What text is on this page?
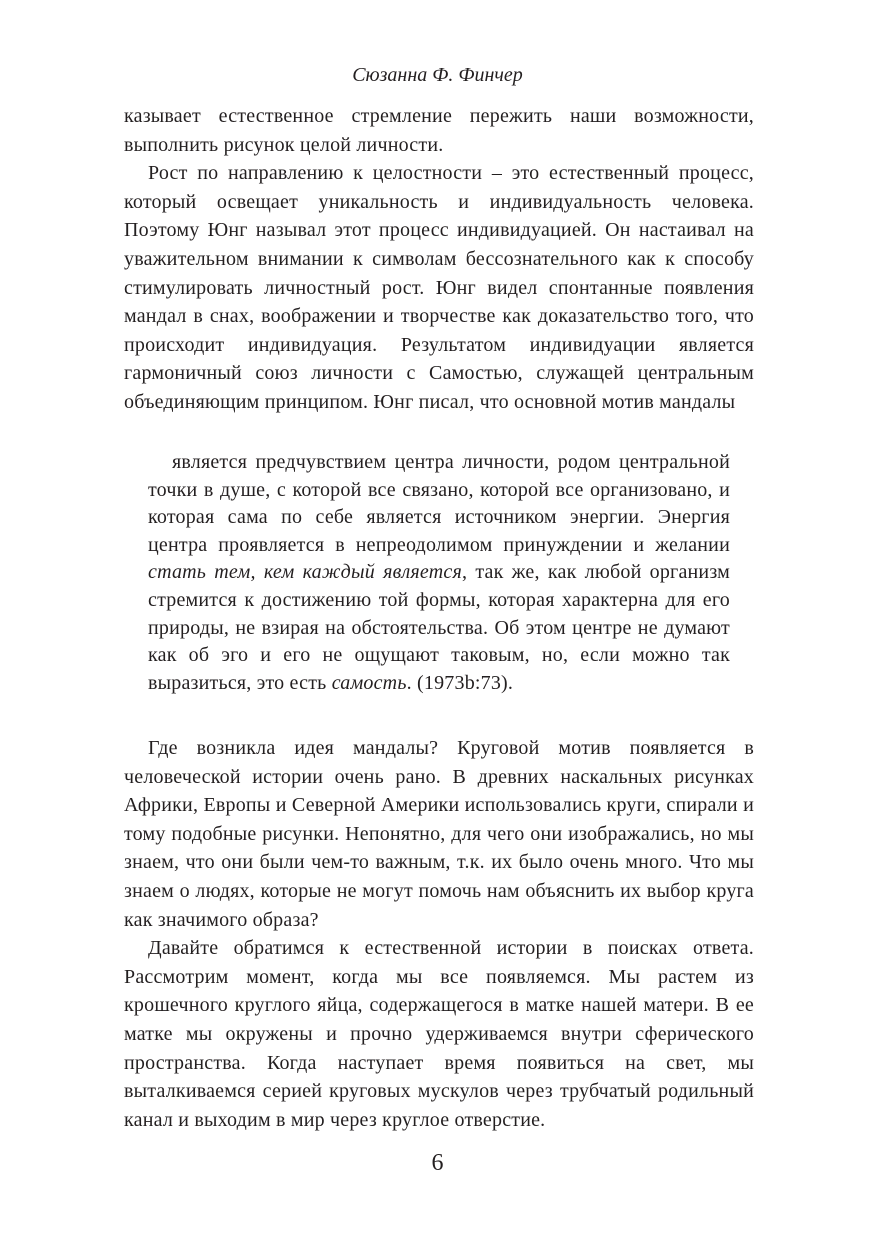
Сюзанна Ф. Финчер

казывает естественное стремление пережить наши возможности, выполнить рисунок целой личности.

Рост по направлению к целостности – это естественный процесс, который освещает уникальность и индивидуальность человека. Поэтому Юнг называл этот процесс индивидуацией. Он настаивал на уважительном внимании к символам бессознательного как к способу стимулировать личностный рост. Юнг видел спонтанные появления мандал в снах, воображении и творчестве как доказательство того, что происходит индивидуация. Результатом индивидуации является гармоничный союз личности с Самостью, служащей центральным объединяющим принципом. Юнг писал, что основной мотив мандалы

является предчувствием центра личности, родом центральной точки в душе, с которой все связано, которой все организовано, и которая сама по себе является источником энергии. Энергия центра проявляется в непреодолимом принуждении и желании стать тем, кем каждый является, так же, как любой организм стремится к достижению той формы, которая характерна для его природы, не взирая на обстоятельства. Об этом центре не думают как об эго и его не ощущают таковым, но, если можно так выразиться, это есть самость. (1973b:73).

Где возникла идея мандалы? Круговой мотив появляется в человеческой истории очень рано. В древних наскальных рисунках Африки, Европы и Северной Америки использовались круги, спирали и тому подобные рисунки. Непонятно, для чего они изображались, но мы знаем, что они были чем-то важным, т.к. их было очень много. Что мы знаем о людях, которые не могут помочь нам объяснить их выбор круга как значимого образа?

Давайте обратимся к естественной истории в поисках ответа. Рассмотрим момент, когда мы все появляемся. Мы растем из крошечного круглого яйца, содержащегося в матке нашей матери. В ее матке мы окружены и прочно удерживаемся внутри сферического пространства. Когда наступает время появиться на свет, мы выталкиваемся серией круговых мускулов через трубчатый родильный канал и выходим в мир через круглое отверстие.

6
